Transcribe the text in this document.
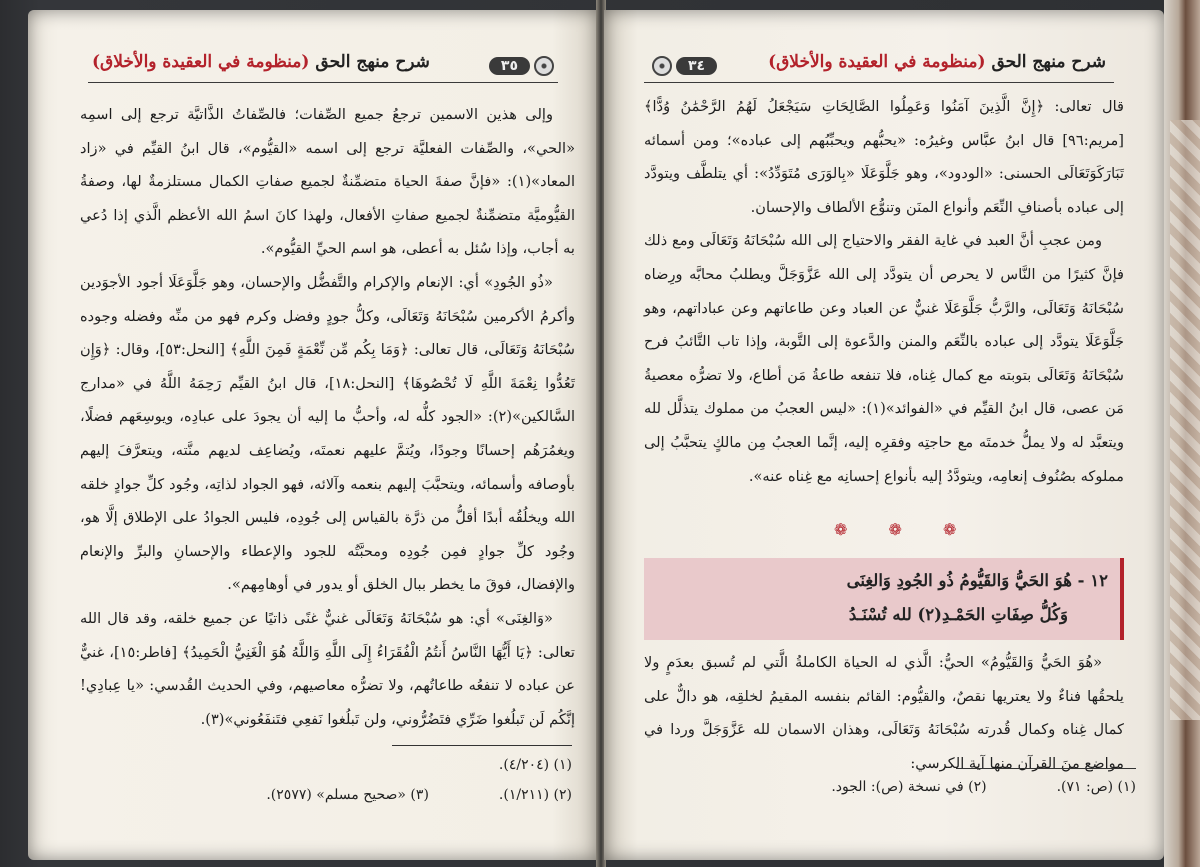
شرح منهج الحق (منظومة في العقيدة والأخلاق)	٣٥

وإلى هذين الاسمين ترجعُ جميع الصِّفات؛ فالصِّفاتُ الذَّاتيَّة ترجع إلى اسمِه «الحي»، والصِّفات الفعليَّة ترجع إلى اسمه «القيُّوم»، قال ابنُ القيِّم في «زاد المعاد»(١): «فإنَّ صفةَ الحياة متضمِّنةٌ لجميع صفاتِ الكمال مستلزمةٌ لها، وصفةُ القيُّوميَّة متضمِّنةٌ لجميع صفاتِ الأفعال، ولهذا كانَ اسمُ الله الأعظم الَّذي إذا دُعي به أجاب، وإذا سُئل به أعطى، هو اسم الحيِّ القيُّوم».

«ذُو الجُودِ» أي: الإنعام والإكرام والتَّفضُّل والإحسان، وهو جَلَّوَعَلَا أجود الأجوَدين وأكرمُ الأكرمين سُبْحَانَهُ وَتَعَالَى، وكلُّ جودٍ وفضل وكرم فهو من منِّه وفضله وجوده سُبْحَانَهُ وَتَعَالَى، قال تعالى: ﴿وَمَا بِكُم مِّن نِّعْمَةٍ فَمِنَ اللَّهِ﴾ [النحل:٥٣]، وقال: ﴿وَإِن تَعُدُّوا نِعْمَةَ اللَّهِ لَا تُحْصُوهَا﴾ [النحل:١٨]، قال ابنُ القيِّم رَحِمَهُ اللَّهُ في «مدارج السَّالكين»(٢): «الجود كلُّه له، وأحبُّ ما إليه أن يجودَ على عبادِه، ويوسِعَهم فضلًا، ويغمُرَهُم إحسانًا وجودًا، ويُتمَّ عليهم نعمتَه، ويُضاعِف لديهم منَّته، ويتعرَّفَ إليهم بأوصافه وأسمائه، ويتحبَّبَ إليهم بنعمه وآلائه، فهو الجواد لذاتِه، وجُود كلِّ جوادٍ خلقه الله ويخلُقُه أبدًا أقلُّ من ذرَّة بالقياس إلى جُودِه، فليس الجوادُ على الإطلاق إلَّا هو، وجُود كلِّ جوادٍ فمِن جُودِه ومحبَّتُه للجود والإعطاء والإحسانِ والبرِّ والإنعام والإفضال، فوقَ ما يخطر ببال الخلق أو يدور في أوهامِهم».

«وَالغِنَى» أي: هو سُبْحَانَهُ وَتَعَالَى غنيٌّ غنًى ذاتيًا عن جميع خلقه، وقد قال الله تعالى: ﴿يَا أَيُّهَا النَّاسُ أَنتُمُ الْفُقَرَاءُ إِلَى اللَّهِ وَاللَّهُ هُوَ الْغَنِيُّ الْحَمِيدُ﴾ [فاطر:١٥]، غنيٌّ عن عباده لا تنفعُه طاعاتُهم، ولا تضرُّه معاصيهم، وفي الحديث القُدسي: «يا عِبادِي! إنَّكُم لَن تَبلُغوا ضَرِّي فتَضُرُّوني، ولن تَبلُغوا نَفعِي فتَنفَعُوني»(٣).

(١) (٤/٢٠٤).
(٢) (١/٢١١).
(٣) «صحيح مسلم» (٢٥٧٧).
شرح منهج الحق (منظومة في العقيدة والأخلاق)
٣٤

قال تعالى: ﴿إِنَّ الَّذِينَ آمَنُوا وَعَمِلُوا الصَّالِحَاتِ سَيَجْعَلُ لَهُمُ الرَّحْمَٰنُ وُدًّا﴾ [مريم:٩٦] قال ابنُ عبَّاس وغيرُه: «يحبُّهم ويحبِّبُهم إلى عباده»؛ ومن أسمائه تَبَارَكَوَتَعَالَى الحسنى: «الودود»، وهو جَلَّوَعَلَا «بِالوَرَى مُتَوَدِّدُ»: أي يتلطَّف ويتودَّد إلى عباده بأصنافِ النِّعَم وأنواع المنَن وتنوُّع الألطاف والإحسان.

ومن عجبِ أنَّ العبد في غاية الفقر والاحتياج إلى الله سُبْحَانَهُ وَتَعَالَى ومع ذلك فإنَّ كثيرًا من النَّاس لا يحرص أن يتودَّد إلى الله عَزَّوَجَلَّ ويطلبُ محابَّه ورِضاه سُبْحَانَهُ وَتَعَالَى، والرَّبُّ جَلَّوَعَلَا غنيٌّ عن العباد وعن طاعاتهم وعن عباداتهم، وهو جَلَّوَعَلَا يتودَّد إلى عباده بالنِّعَم والمنن والدَّعوة إلى التَّوبة، وإذا تاب التَّائبُ فرح سُبْحَانَهُ وَتَعَالَى بتوبته مع كمال غِناه، فلا تنفعه طاعةُ مَن أطاع، ولا تضرُّه معصيةُ مَن عصى، قال ابنُ القيِّم في «الفوائد»(١): «ليس العجبُ من مملوك يتذلَّل لله ويتعبَّد له ولا يملُّ خدمتَه مع حاجتِه وفقرِه إليه، إنَّما العجبُ مِن مالكٍ يتحبَّبُ إلى مملوكه بصُنُوف إنعامِه، ويتودَّدُ إليه بأنواع إحسانِه مع غِناه عنه».

❁ ❁ ❁
١٢ - هُوَ الحَيُّ وَالقَيُّومُ ذُو الجُودِ وَالغِنَى
وَكُلُّ صِفَاتِ الحَمْـدِ(٢) لله تُسْنَـدُ

«هُوَ الحَيُّ وَالقَيُّومُ» الحيُّ: الَّذي له الحياة الكاملةُ الَّتي لم تُسبق بعدَمٍ ولا يلحقُها فناءٌ ولا يعتريها نقصٌ، والقيُّوم: القائم بنفسه المقيمُ لخلقِه، هو دالٌّ على كمال غِناه وكمال قُدرته سُبْحَانَهُ وَتَعَالَى، وهذان الاسمان لله عَزَّوَجَلَّ وردا في مواضع منَ القرآن منها آية الكرسي:

(١) (ص: ٧١).
(٢) في نسخة (ص): الجود.
